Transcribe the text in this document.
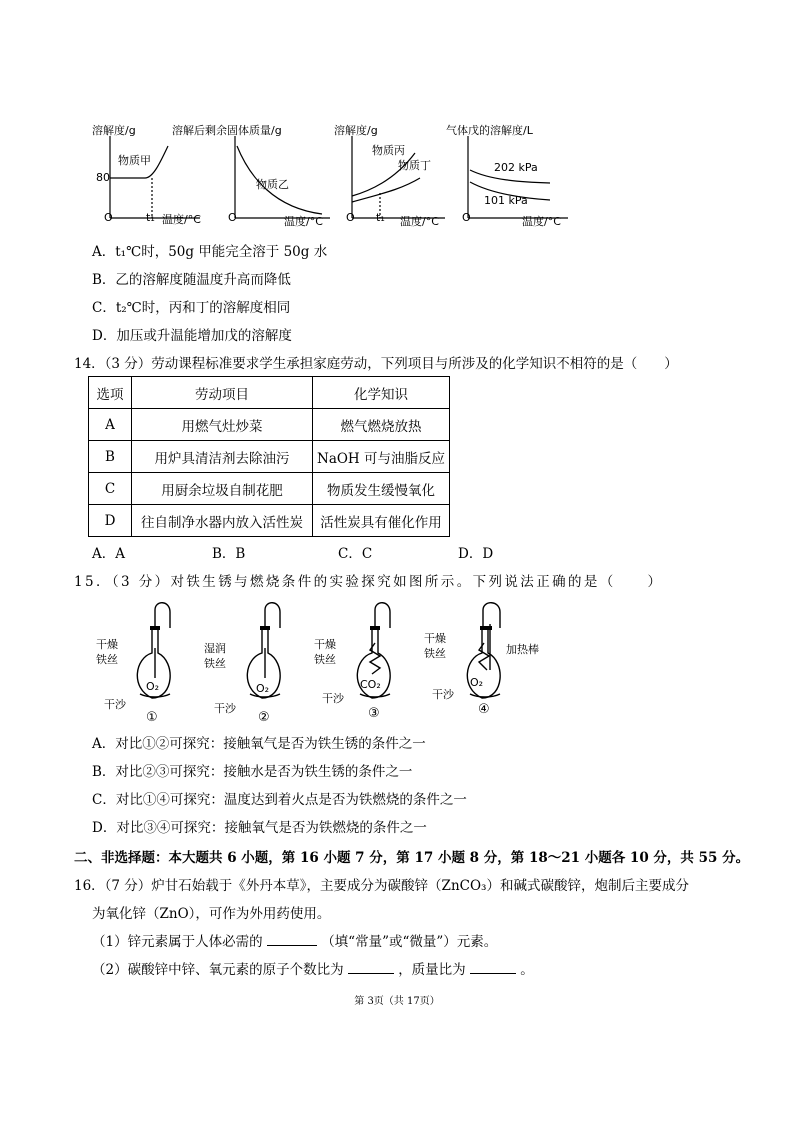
溶解度/g
物质甲
80
t₁ 温度/°C
O
溶解后剩余固体质量/g
物质乙
温度/°C
O
溶解度/g
物质丙
物质丁
t₁ 温度/°C
O
气体戊的溶解度/L
202 kPa
101 kPa
温度/°C
O
A．t₁℃时，50g 甲能完全溶于 50g 水
B．乙的溶解度随温度升高而降低
C．t₂℃时，丙和丁的溶解度相同
D．加压或升温能增加戊的溶解度
14．（3 分）劳动课程标准要求学生承担家庭劳动，下列项目与所涉及的化学知识不相符的是（　　）
选项	劳动项目	化学知识
A	用燃气灶炒菜	燃气燃烧放热
B	用炉具清洁剂去除油污	NaOH 可与油脂反应
C	用厨余垃圾自制花肥	物质发生缓慢氧化
D	往自制净水器内放入活性炭	活性炭具有催化作用
A．A	B．B	C．C	D．D
15．（3 分）对铁生锈与燃烧条件的实验探究如图所示。下列说法正确的是（　　）
干燥
铁丝
O₂
干沙
①
湿润
铁丝
O₂
干沙
②
干燥
铁丝
CO₂
干沙
③
干燥
铁丝	加热棒
O₂
干沙
④
A．对比①②可探究：接触氧气是否为铁生锈的条件之一
B．对比②③可探究：接触水是否为铁生锈的条件之一
C．对比①④可探究：温度达到着火点是否为铁燃烧的条件之一
D．对比③④可探究：接触氧气是否为铁燃烧的条件之一
二、非选择题：本大题共 6 小题，第 16 小题 7 分，第 17 小题 8 分，第 18～21 小题各 10 分，共 55 分。
16．（7 分）炉甘石始载于《外丹本草》，主要成分为碳酸锌（ZnCO₃）和碱式碳酸锌，炮制后主要成分
为氧化锌（ZnO），可作为外用药使用。
（1）锌元素属于人体必需的	（填“常量”或“微量”）元素。
（2）碳酸锌中锌、氧元素的原子个数比为	，质量比为	。
第 3页（共 17页）
